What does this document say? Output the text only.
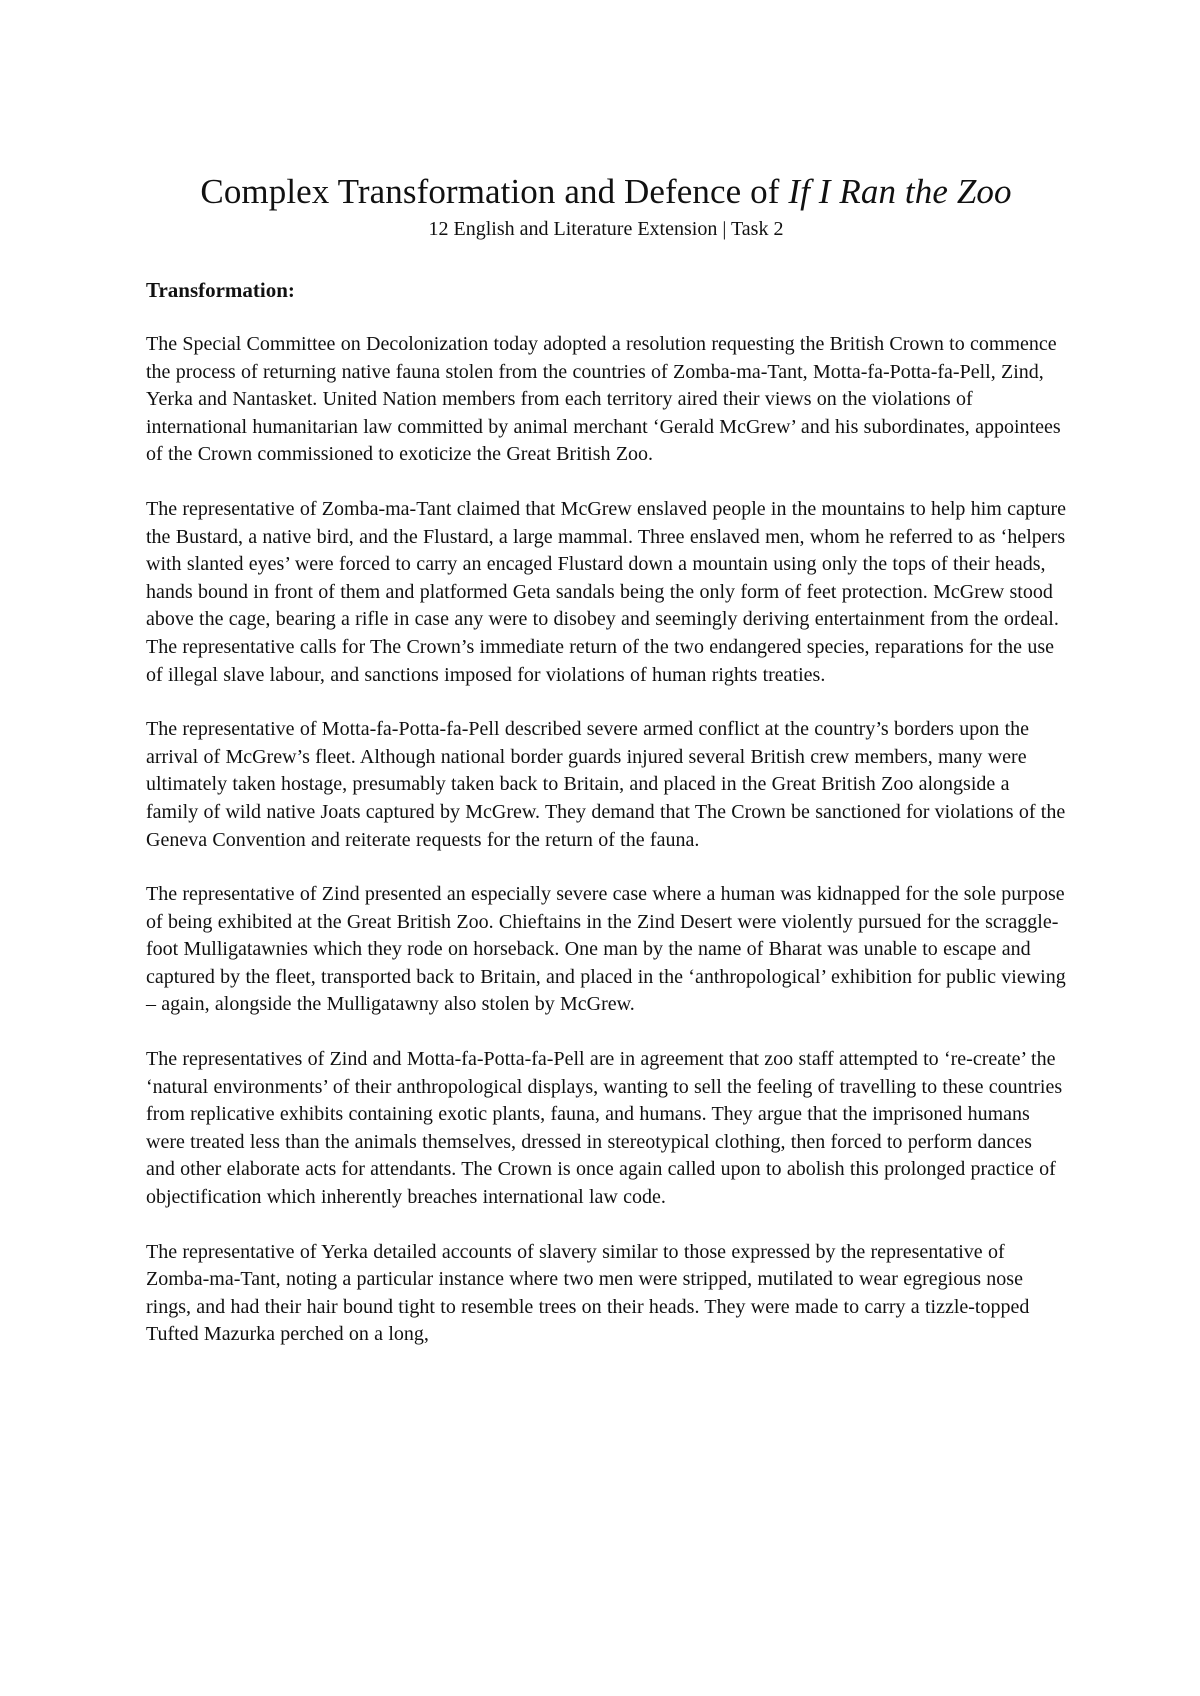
Complex Transformation and Defence of If I Ran the Zoo
12 English and Literature Extension | Task 2
Transformation:

The Special Committee on Decolonization today adopted a resolution requesting the British Crown to commence the process of returning native fauna stolen from the countries of Zomba-ma-Tant, Motta-fa-Potta-fa-Pell, Zind, Yerka and Nantasket. United Nation members from each territory aired their views on the violations of international humanitarian law committed by animal merchant ‘Gerald McGrew’ and his subordinates, appointees of the Crown commissioned to exoticize the Great British Zoo.

The representative of Zomba-ma-Tant claimed that McGrew enslaved people in the mountains to help him capture the Bustard, a native bird, and the Flustard, a large mammal. Three enslaved men, whom he referred to as ‘helpers with slanted eyes’ were forced to carry an encaged Flustard down a mountain using only the tops of their heads, hands bound in front of them and platformed Geta sandals being the only form of feet protection. McGrew stood above the cage, bearing a rifle in case any were to disobey and seemingly deriving entertainment from the ordeal. The representative calls for The Crown’s immediate return of the two endangered species, reparations for the use of illegal slave labour, and sanctions imposed for violations of human rights treaties.

The representative of Motta-fa-Potta-fa-Pell described severe armed conflict at the country’s borders upon the arrival of McGrew’s fleet. Although national border guards injured several British crew members, many were ultimately taken hostage, presumably taken back to Britain, and placed in the Great British Zoo alongside a family of wild native Joats captured by McGrew. They demand that The Crown be sanctioned for violations of the Geneva Convention and reiterate requests for the return of the fauna.

The representative of Zind presented an especially severe case where a human was kidnapped for the sole purpose of being exhibited at the Great British Zoo. Chieftains in the Zind Desert were violently pursued for the scraggle-foot Mulligatawnies which they rode on horseback. One man by the name of Bharat was unable to escape and captured by the fleet, transported back to Britain, and placed in the ‘anthropological’ exhibition for public viewing – again, alongside the Mulligatawny also stolen by McGrew.

The representatives of Zind and Motta-fa-Potta-fa-Pell are in agreement that zoo staff attempted to ‘re-create’ the ‘natural environments’ of their anthropological displays, wanting to sell the feeling of travelling to these countries from replicative exhibits containing exotic plants, fauna, and humans. They argue that the imprisoned humans were treated less than the animals themselves, dressed in stereotypical clothing, then forced to perform dances and other elaborate acts for attendants. The Crown is once again called upon to abolish this prolonged practice of objectification which inherently breaches international law code.

The representative of Yerka detailed accounts of slavery similar to those expressed by the representative of Zomba-ma-Tant, noting a particular instance where two men were stripped, mutilated to wear egregious nose rings, and had their hair bound tight to resemble trees on their heads. They were made to carry a tizzle-topped Tufted Mazurka perched on a long,
